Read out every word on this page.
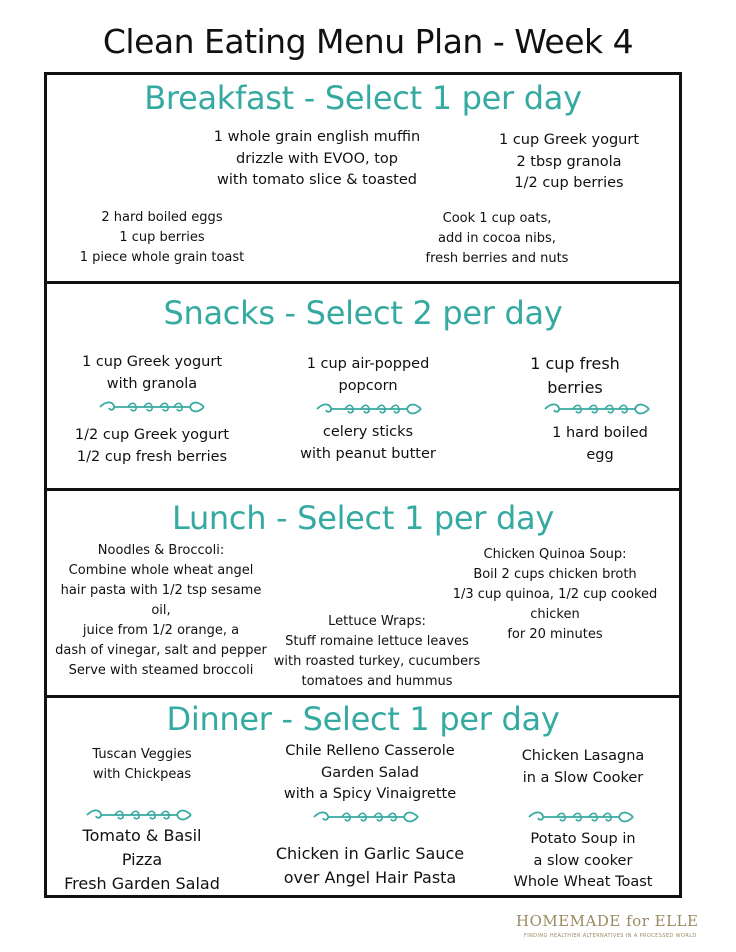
Clean Eating Menu Plan - Week 4
Breakfast - Select 1 per day
1 whole grain english muffin
drizzle with EVOO, top
with tomato slice & toasted
1 cup Greek yogurt
2 tbsp granola
1/2 cup berries
2 hard boiled eggs
1 cup berries
1 piece whole grain toast
Cook 1 cup oats,
add in cocoa nibs,
fresh berries and nuts
Snacks - Select 2 per day
1 cup Greek yogurt
with granola
1 cup air-popped
popcorn
1 cup fresh
berries
1/2 cup Greek yogurt
1/2 cup fresh berries
celery sticks
with peanut butter
1 hard boiled
egg
Lunch - Select 1 per day
Noodles & Broccoli:
Combine whole wheat angel
hair pasta with 1/2 tsp sesame oil,
juice from 1/2 orange, a
dash of vinegar, salt and pepper
Serve with steamed broccoli
Chicken Quinoa Soup:
Boil 2 cups chicken broth
1/3 cup quinoa, 1/2 cup cooked chicken
for 20 minutes
Lettuce Wraps:
Stuff romaine lettuce leaves
with roasted turkey, cucumbers
tomatoes and hummus
Dinner - Select 1 per day
Tuscan Veggies
with Chickpeas
Chile Relleno Casserole
Garden Salad
with a Spicy Vinaigrette
Chicken Lasagna
in a Slow Cooker
Tomato & Basil
Pizza
Fresh Garden Salad
Chicken in Garlic Sauce
over Angel Hair Pasta
Potato Soup in
a slow cooker
Whole Wheat Toast
HOMEMADE for ELLE
FINDING HEALTHIER ALTERNATIVES IN A PROCESSED WORLD
